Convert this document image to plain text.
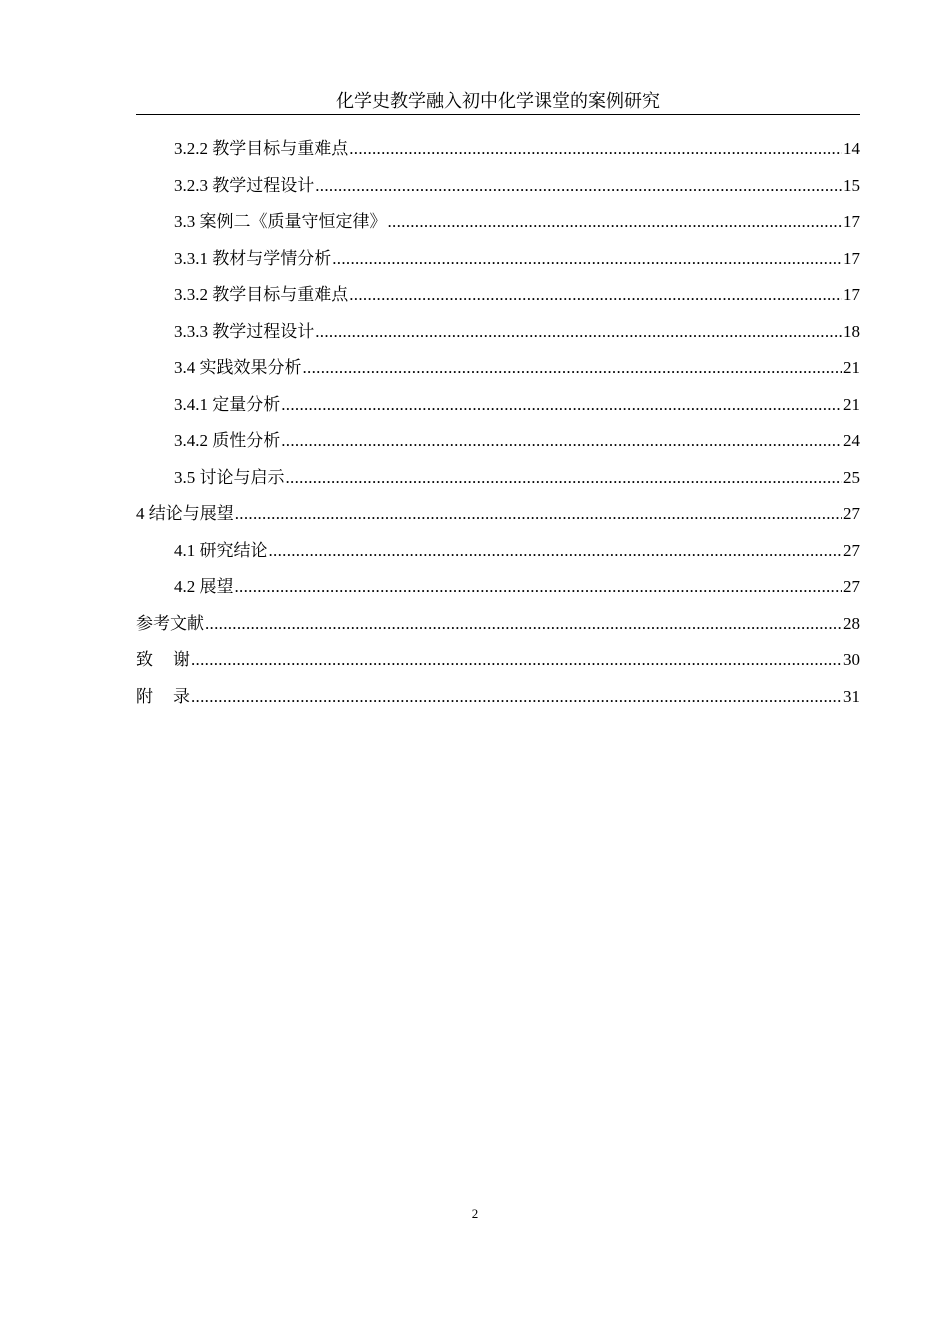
化学史教学融入初中化学课堂的案例研究
3.2.2 教学目标与重难点 .....	14
3.2.3 教学过程设计 .....	15
3.3 案例二《质量守恒定律》 .....	17
3.3.1 教材与学情分析 .....	17
3.3.2 教学目标与重难点 .....	17
3.3.3 教学过程设计 .....	18
3.4 实践效果分析 .....	21
3.4.1 定量分析 .....	21
3.4.2 质性分析 .....	24
3.5 讨论与启示 .....	25
4 结论与展望 .....	27
4.1 研究结论 .....	27
4.2 展望 .....	27
参考文献 .....	28
致谢 .....	30
附录 .....	31
2
